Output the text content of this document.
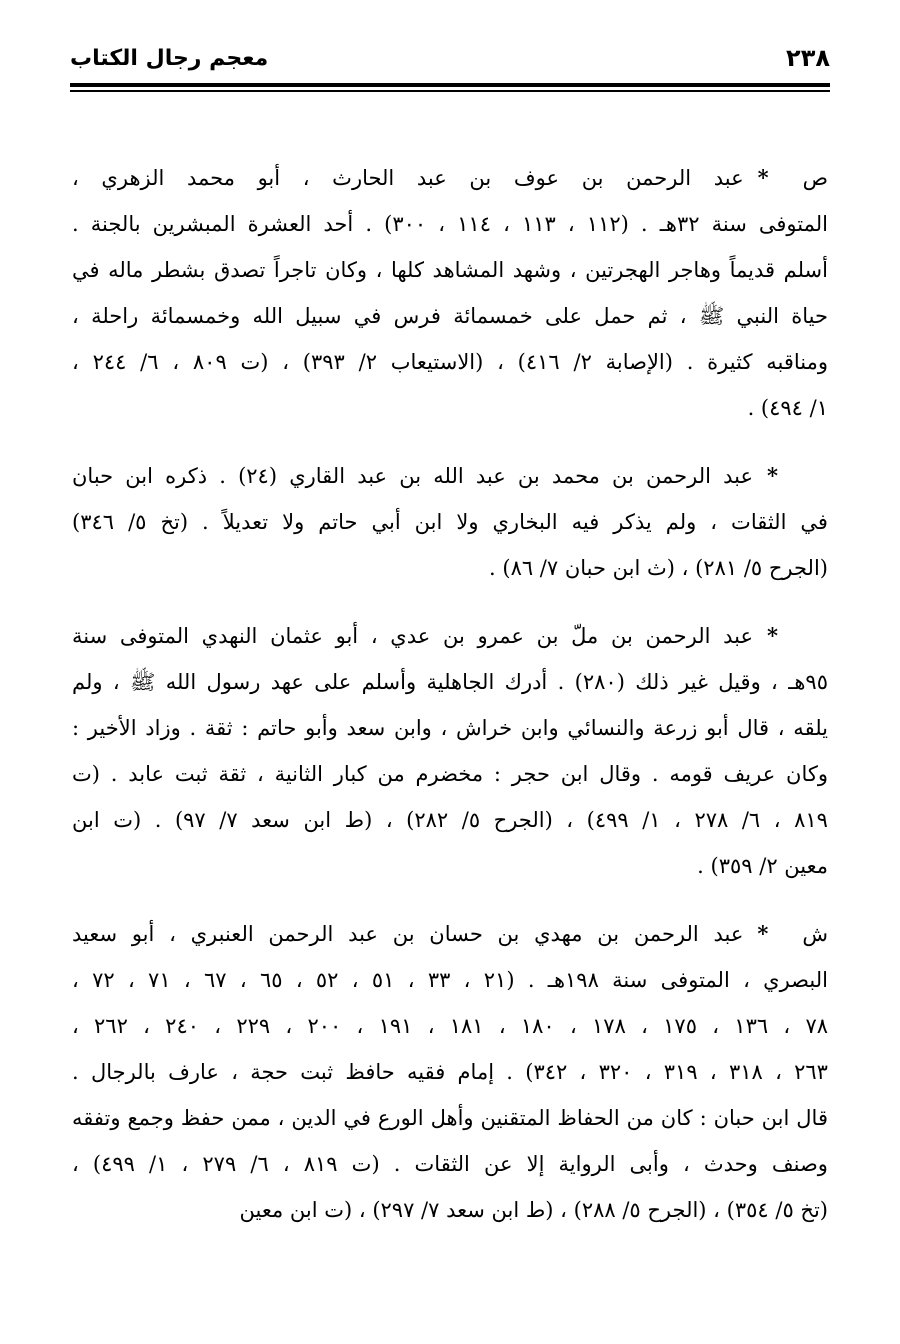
معجم رجال الكتاب	٢٣٨
ص*عبد الرحمن بن عوف بن عبد الحارث ، أبو محمد الزهري ،
المتوفى سنة ٣٢هـ . (١١٢ ، ١١٣ ، ١١٤ ، ٣٠٠) . أحد العشرة المبشرين بالجنة .
أسلم قديماً وهاجر الهجرتين ، وشهد المشاهد كلها ، وكان تاجراً تصدق بشطر ماله في
حياة النبي ﷺ ، ثم حمل على خمسمائة فرس في سبيل الله وخمسمائة راحلة ،
ومناقبه كثيرة . (الإصابة ٢/ ٤١٦) ، (الاستيعاب ٢/ ٣٩٣) ، (ت ٨٠٩ ، ٦/ ٢٤٤ ،
١/ ٤٩٤) .
*عبد الرحمن بن محمد بن عبد الله بن عبد القاري (٢٤) . ذكره ابن حبان
في الثقات ، ولم يذكر فيه البخاري ولا ابن أبي حاتم ولا تعديلاً . (تخ ٥/ ٣٤٦)
(الجرح ٥/ ٢٨١) ، (ث ابن حبان ٧/ ٨٦) .
*عبد الرحمن بن ملّ بن عمرو بن عدي ، أبو عثمان النهدي المتوفى سنة
٩٥هـ ، وقيل غير ذلك (٢٨٠) . أدرك الجاهلية وأسلم على عهد رسول الله ﷺ ، ولم
يلقه ، قال أبو زرعة والنسائي وابن خراش ، وابن سعد وأبو حاتم : ثقة . وزاد الأخير :
وكان عريف قومه . وقال ابن حجر : مخضرم من كبار الثانية ، ثقة ثبت عابد . (ت
٨١٩ ، ٦/ ٢٧٨ ، ١/ ٤٩٩) ، (الجرح ٥/ ٢٨٢) ، (ط ابن سعد ٧/ ٩٧) . (ت ابن
معين ٢/ ٣٥٩) .
ش*عبد الرحمن بن مهدي بن حسان بن عبد الرحمن العنبري ، أبو سعيد
البصري ، المتوفى سنة ١٩٨هـ . (٢١ ، ٣٣ ، ٥١ ، ٥٢ ، ٦٥ ، ٦٧ ، ٧١ ، ٧٢ ،
٧٨ ، ١٣٦ ، ١٧٥ ، ١٧٨ ، ١٨٠ ، ١٨١ ، ١٩١ ، ٢٠٠ ، ٢٢٩ ، ٢٤٠ ، ٢٦٢ ،
٢٦٣ ، ٣١٨ ، ٣١٩ ، ٣٢٠ ، ٣٤٢) . إمام فقيه حافظ ثبت حجة ، عارف بالرجال .
قال ابن حبان : كان من الحفاظ المتقنين وأهل الورع في الدين ، ممن حفظ وجمع وتفقه
وصنف وحدث ، وأبى الرواية إلا عن الثقات . (ت ٨١٩ ، ٦/ ٢٧٩ ، ١/ ٤٩٩) ،
(تخ ٥/ ٣٥٤) ، (الجرح ٥/ ٢٨٨) ، (ط ابن سعد ٧/ ٢٩٧) ، (ت ابن معين
